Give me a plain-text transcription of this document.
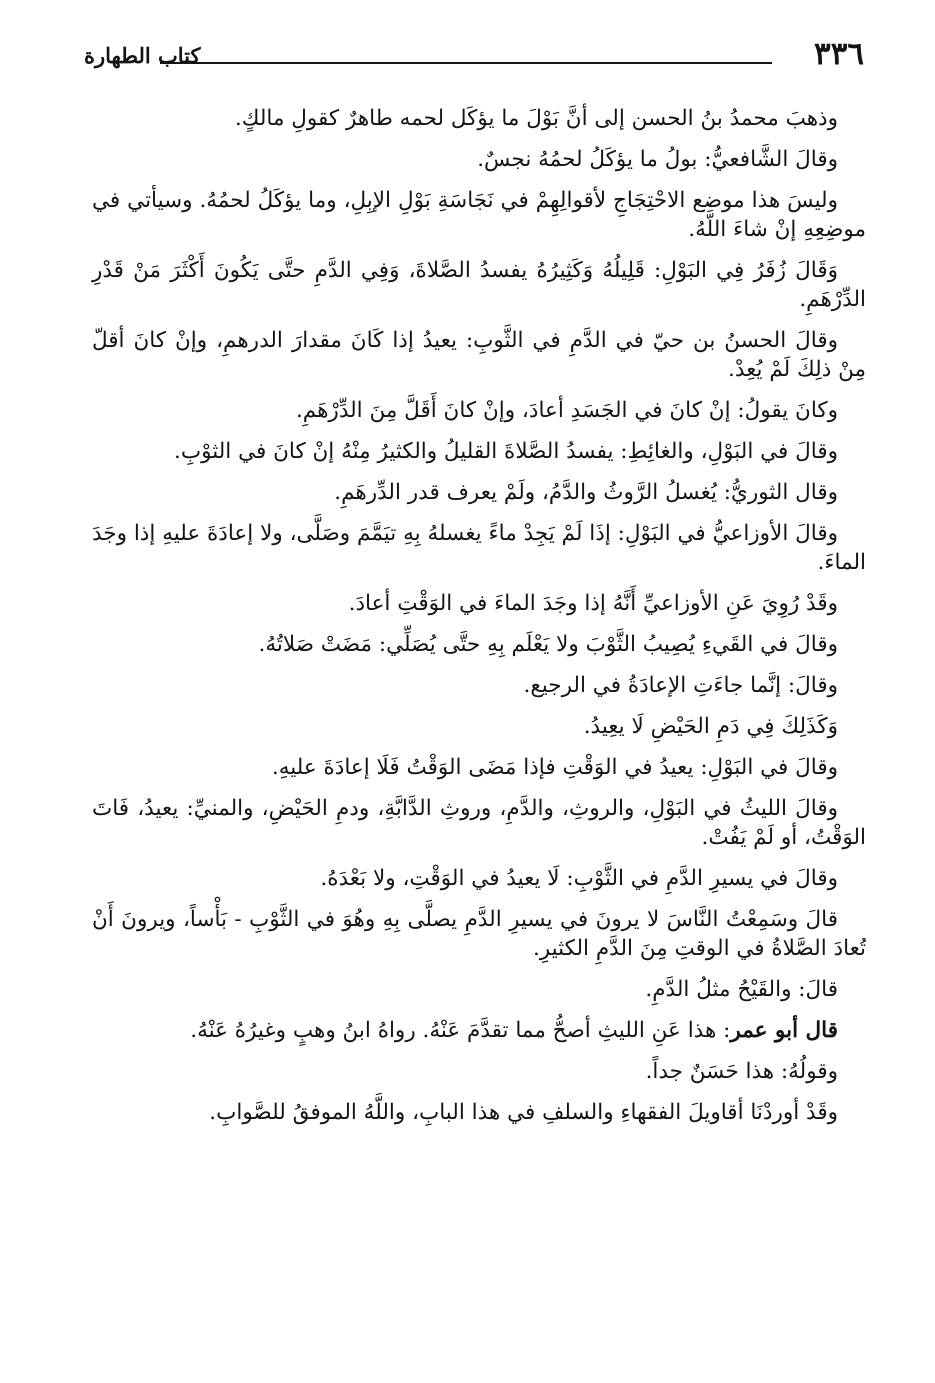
كتاب الطهارة	٣٣٦

وذهبَ محمدُ بنُ الحسن إلى أنَّ بَوْلَ ما يؤكَل لحمه طاهرٌ كقولِ مالكٍ.

وقالَ الشَّافعيُّ: بولُ ما يؤكَلُ لحمُهُ نجسٌ.

وليسَ هذا موضع الاحْتِجَاجِ لأقوالِهِمْ في نَجَاسَةِ بَوْلِ الإبِلِ، وما يؤكَلُ لحمُهُ. وسيأتي في موضِعِهِ إنْ شاءَ اللَّهُ.

وَقَالَ زُفَرُ فِي البَوْلِ: قَلِيلُهُ وَكَثِيرُهُ يفسدُ الصَّلاةَ، وَفِي الدَّمِ حتَّى يَكُونَ أَكْثَرَ مَنْ قَدْرِ الدِّرْهَمِ.

وقالَ الحسنُ بن حيّ في الدَّمِ في الثَّوبِ: يعيدُ إذا كَانَ مقدارَ الدرهمِ، وإنْ كانَ أقلّ مِنْ ذلِكَ لَمْ يُعِدْ.

وكانَ يقولُ: إنْ كانَ في الجَسَدِ أعادَ، وإنْ كانَ أَقَلَّ مِنَ الدِّرْهَمِ.

وقالَ في البَوْلِ، والغائِطِ: يفسدُ الصَّلاةَ القليلُ والكثيرُ مِنْهُ إنْ كانَ في الثوْبِ.

وقال الثوريُّ: يُغسلُ الرَّوثُ والدَّمُ، ولَمْ يعرف قدر الدِّرهَمِ.

وقالَ الأوزاعيُّ في البَوْلِ: إذَا لَمْ يَجِدْ ماءً يغسلهُ بِهِ تيَمَّمَ وصَلَّى، ولا إعادَةَ عليهِ إذا وجَدَ الماءَ.

وقَدْ رُوِيَ عَنِ الأوزاعيِّ أَنَّهُ إذا وجَدَ الماءَ في الوَقْتِ أعادَ.

وقالَ في القَيءِ يُصِيبُ الثَّوْبَ ولا يَعْلَم بِهِ حتَّى يُصَلِّي: مَضَتْ صَلاتُهُ.

وقالَ: إنَّما جاءَتِ الإعادَةُ في الرجيع.

وَكَذَلِكَ فِي دَمِ الحَيْضِ لَا يعِيدُ.

وقالَ في البَوْلِ: يعيدُ في الوَقْتِ فإذا مَضَى الوَقْتُ فَلَا إعادَةَ عليهِ.

وقالَ الليثُ في البَوْلِ، والروثِ، والدَّمِ، وروثِ الدَّابَّةِ، ودمِ الحَيْضِ، والمنيِّ: يعيدُ، فَاتَ الوَقْتُ، أو لَمْ يَفُتْ.

وقالَ في يسيرِ الدَّمِ في الثَّوْبِ: لَا يعيدُ في الوَقْتِ، ولا بَعْدَهُ.

قالَ وسَمِعْتُ النَّاسَ لا يرونَ في يسيرِ الدَّمِ يصلَّى بِهِ وهُوَ في الثَّوْبِ - بَأْساً، ويرونَ أَنْ تُعادَ الصَّلاةُ في الوقتِ مِنَ الدَّمِ الكثيرِ.

قالَ: والقَيْحُ مثلُ الدَّمِ.

قال أبو عمر: هذا عَنِ الليثِ أصحُّ مما تقدَّمَ عَنْهُ. رواهُ ابنُ وهبٍ وغيرُهُ عَنْهُ.

وقولُهُ: هذا حَسَنٌ جداً.

وقَدْ أوردْنَا أقاويلَ الفقهاءِ والسلفِ في هذا البابِ، واللَّهُ الموفقُ للصَّوابِ.
